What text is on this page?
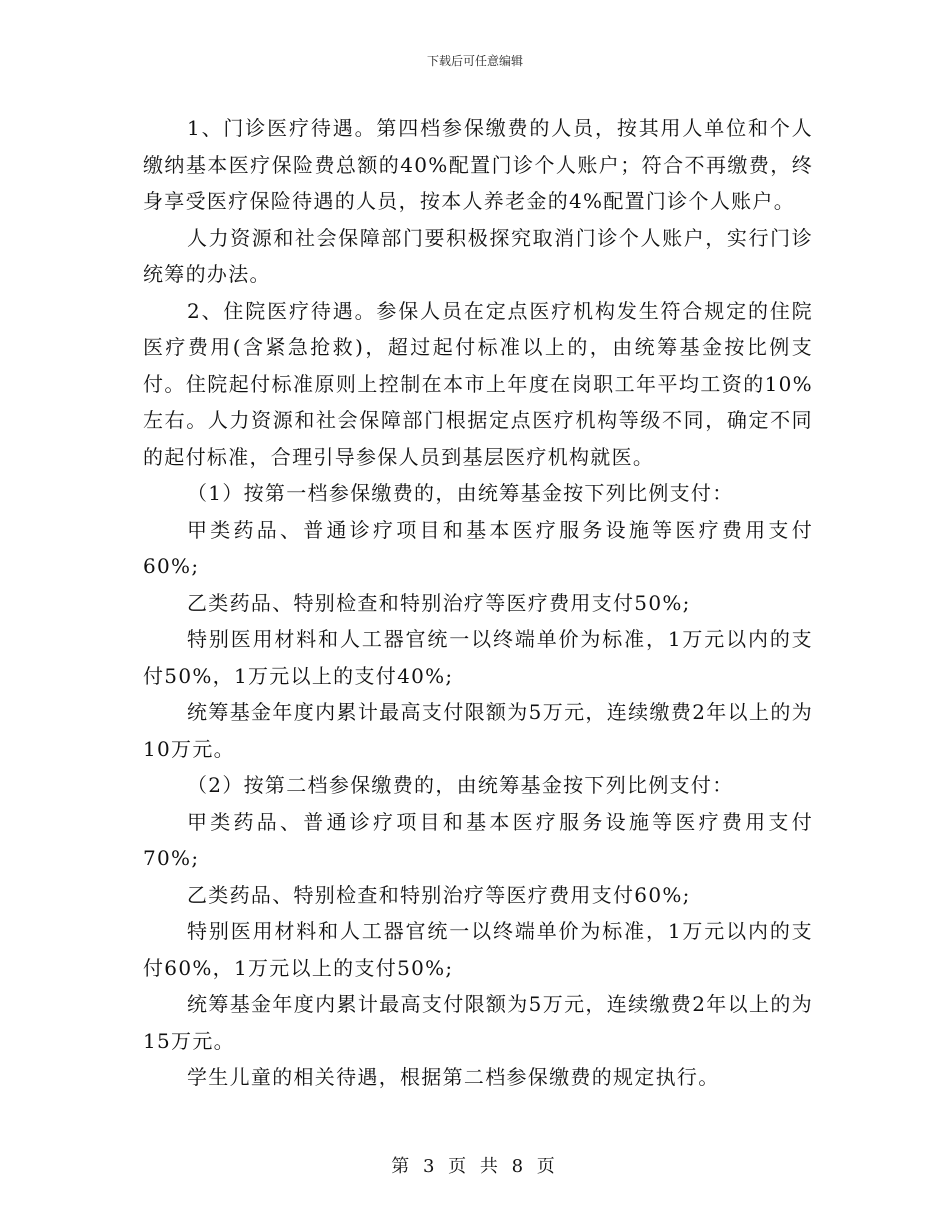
下载后可任意编辑

1、门诊医疗待遇。第四档参保缴费的人员，按其用人单位和个人缴纳基本医疗保险费总额的40%配置门诊个人账户；符合不再缴费，终身享受医疗保险待遇的人员，按本人养老金的4%配置门诊个人账户。

人力资源和社会保障部门要积极探究取消门诊个人账户，实行门诊统筹的办法。

2、住院医疗待遇。参保人员在定点医疗机构发生符合规定的住院医疗费用(含紧急抢救)，超过起付标准以上的，由统筹基金按比例支付。住院起付标准原则上控制在本市上年度在岗职工年平均工资的10%左右。人力资源和社会保障部门根据定点医疗机构等级不同，确定不同的起付标准，合理引导参保人员到基层医疗机构就医。

（1）按第一档参保缴费的，由统筹基金按下列比例支付：

甲类药品、普通诊疗项目和基本医疗服务设施等医疗费用支付60%;

乙类药品、特别检查和特别治疗等医疗费用支付50%;

特别医用材料和人工器官统一以终端单价为标准，1万元以内的支付50%，1万元以上的支付40%;

统筹基金年度内累计最高支付限额为5万元，连续缴费2年以上的为10万元。

（2）按第二档参保缴费的，由统筹基金按下列比例支付：

甲类药品、普通诊疗项目和基本医疗服务设施等医疗费用支付70%;

乙类药品、特别检查和特别治疗等医疗费用支付60%;

特别医用材料和人工器官统一以终端单价为标准，1万元以内的支付60%，1万元以上的支付50%;

统筹基金年度内累计最高支付限额为5万元，连续缴费2年以上的为15万元。

学生儿童的相关待遇，根据第二档参保缴费的规定执行。

第 3 页 共 8 页
